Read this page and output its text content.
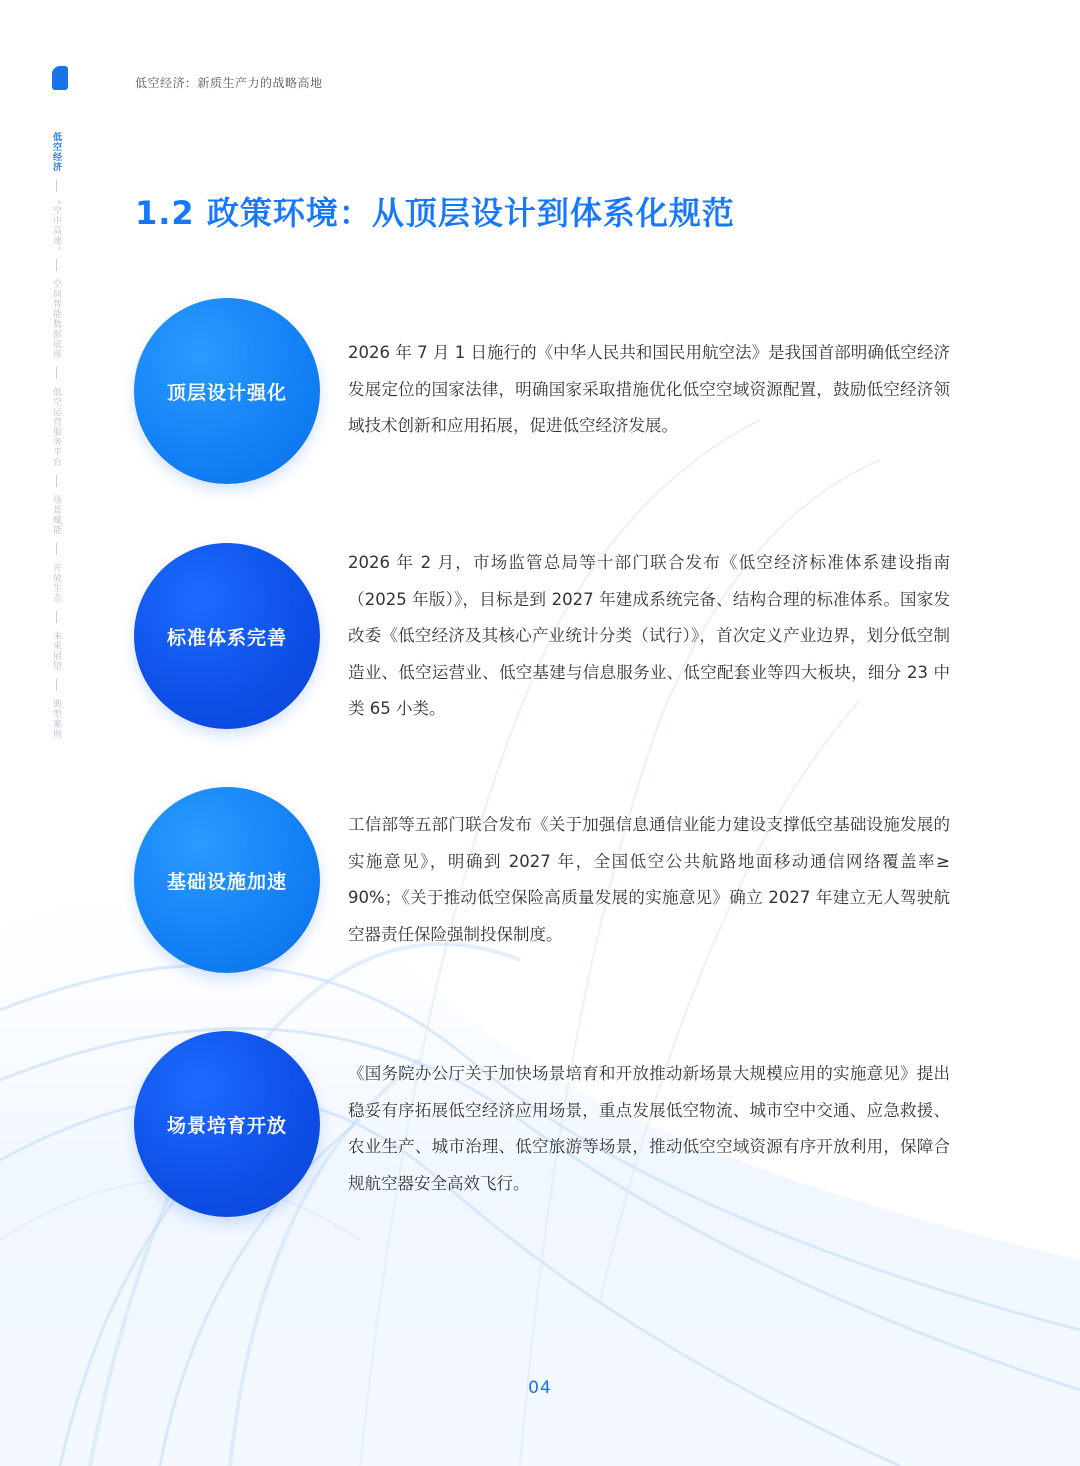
低空经济：新质生产力的战略高地
低空经济
“空中高速”
空间智能数据底座
低空运营服务平台
场景赋能
开放生态
未来展望
典型案例
1.2 政策环境：从顶层设计到体系化规范
顶层设计强化

2026 年 7 月 1 日施行的《中华人民共和国民用航空法》是我国首部明确低空经济发展定位的国家法律，明确国家采取措施优化低空空域资源配置，鼓励低空经济领域技术创新和应用拓展，促进低空经济发展。

标准体系完善

2026 年 2 月，市场监管总局等十部门联合发布《低空经济标准体系建设指南（2025 年版）》，目标是到 2027 年建成系统完备、结构合理的标准体系。国家发改委《低空经济及其核心产业统计分类（试行）》，首次定义产业边界，划分低空制造业、低空运营业、低空基建与信息服务业、低空配套业等四大板块，细分 23 中类 65 小类。

基础设施加速

工信部等五部门联合发布《关于加强信息通信业能力建设支撑低空基础设施发展的实施意见》，明确到 2027 年，全国低空公共航路地面移动通信网络覆盖率≥ 90%；《关于推动低空保险高质量发展的实施意见》确立 2027 年建立无人驾驶航空器责任保险强制投保制度。

场景培育开放

《国务院办公厅关于加快场景培育和开放推动新场景大规模应用的实施意见》提出稳妥有序拓展低空经济应用场景，重点发展低空物流、城市空中交通、应急救援、农业生产、城市治理、低空旅游等场景，推动低空空域资源有序开放利用，保障合规航空器安全高效飞行。

04
